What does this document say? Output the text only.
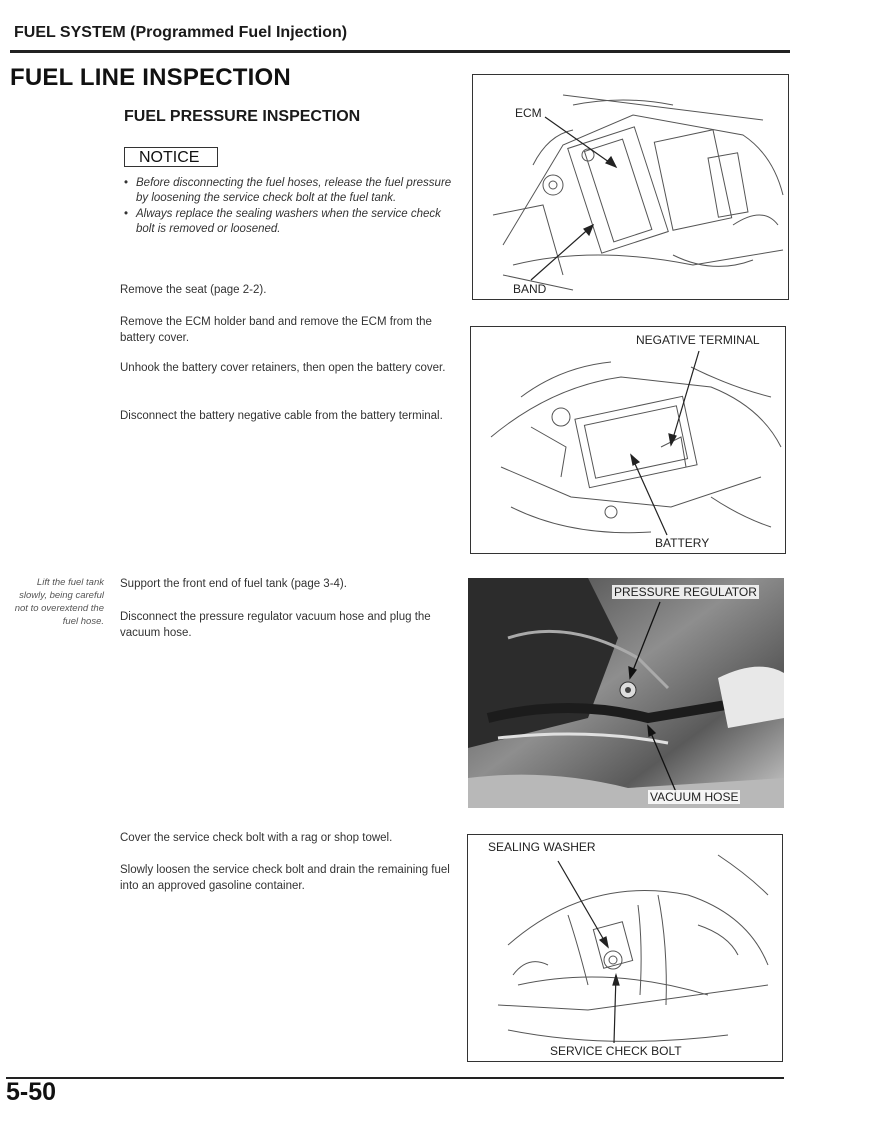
FUEL SYSTEM (Programmed Fuel Injection)
FUEL LINE INSPECTION
FUEL PRESSURE INSPECTION
NOTICE
• Before disconnecting the fuel hoses, release the fuel pressure by loosening the service check bolt at the fuel tank.
• Always replace the sealing washers when the service check bolt is removed or loosened.

Remove the seat (page 2-2).

Remove the ECM holder band and remove the ECM from the battery cover.

Unhook the battery cover retainers, then open the battery cover.

Disconnect the battery negative cable from the battery terminal.

Lift the fuel tank slowly, being careful not to overextend the fuel hose.

Support the front end of fuel tank (page 3-4).

Disconnect the pressure regulator vacuum hose and plug the vacuum hose.

Cover the service check bolt with a rag or shop towel.

Slowly loosen the service check bolt and drain the remaining fuel into an approved gasoline container.

ECM
BAND
NEGATIVE TERMINAL
BATTERY
PRESSURE REGULATOR
VACUUM HOSE
SEALING WASHER
SERVICE CHECK BOLT
5-50
